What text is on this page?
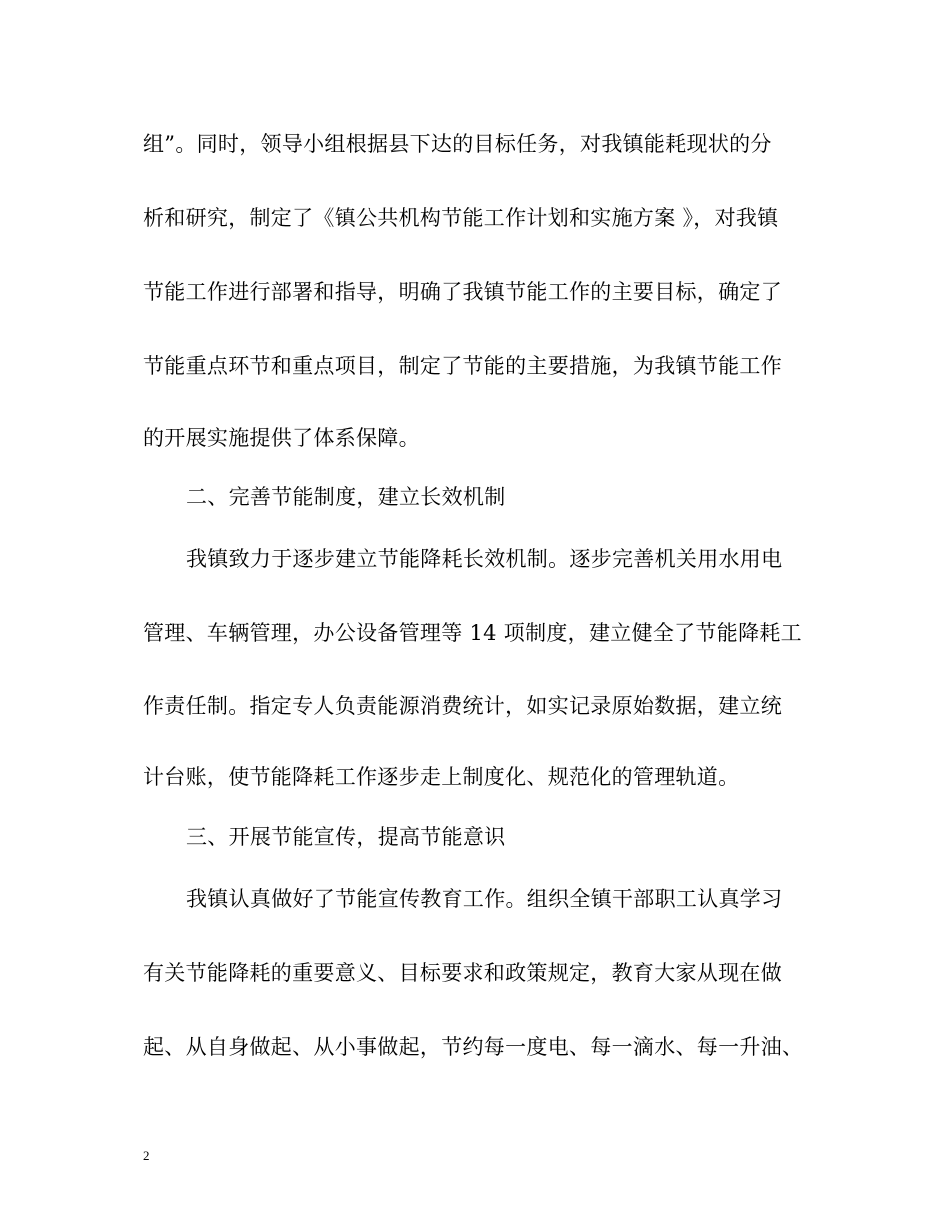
组”。同时，领导小组根据县下达的目标任务，对我镇能耗现状的分
析和研究，制定了《镇公共机构节能工作计划和实施方案 》，对我镇
节能工作进行部署和指导，明确了我镇节能工作的主要目标，确定了
节能重点环节和重点项目，制定了节能的主要措施，为我镇节能工作
的开展实施提供了体系保障。
二、完善节能制度，建立长效机制
我镇致力于逐步建立节能降耗长效机制。逐步完善机关用水用电
管理、车辆管理，办公设备管理等 14 项制度，建立健全了节能降耗工
作责任制。指定专人负责能源消费统计，如实记录原始数据，建立统
计台账，使节能降耗工作逐步走上制度化、规范化的管理轨道。
三、开展节能宣传，提高节能意识
我镇认真做好了节能宣传教育工作。组织全镇干部职工认真学习
有关节能降耗的重要意义、目标要求和政策规定，教育大家从现在做
起、从自身做起、从小事做起，节约每一度电、每一滴水、每一升油、
2
